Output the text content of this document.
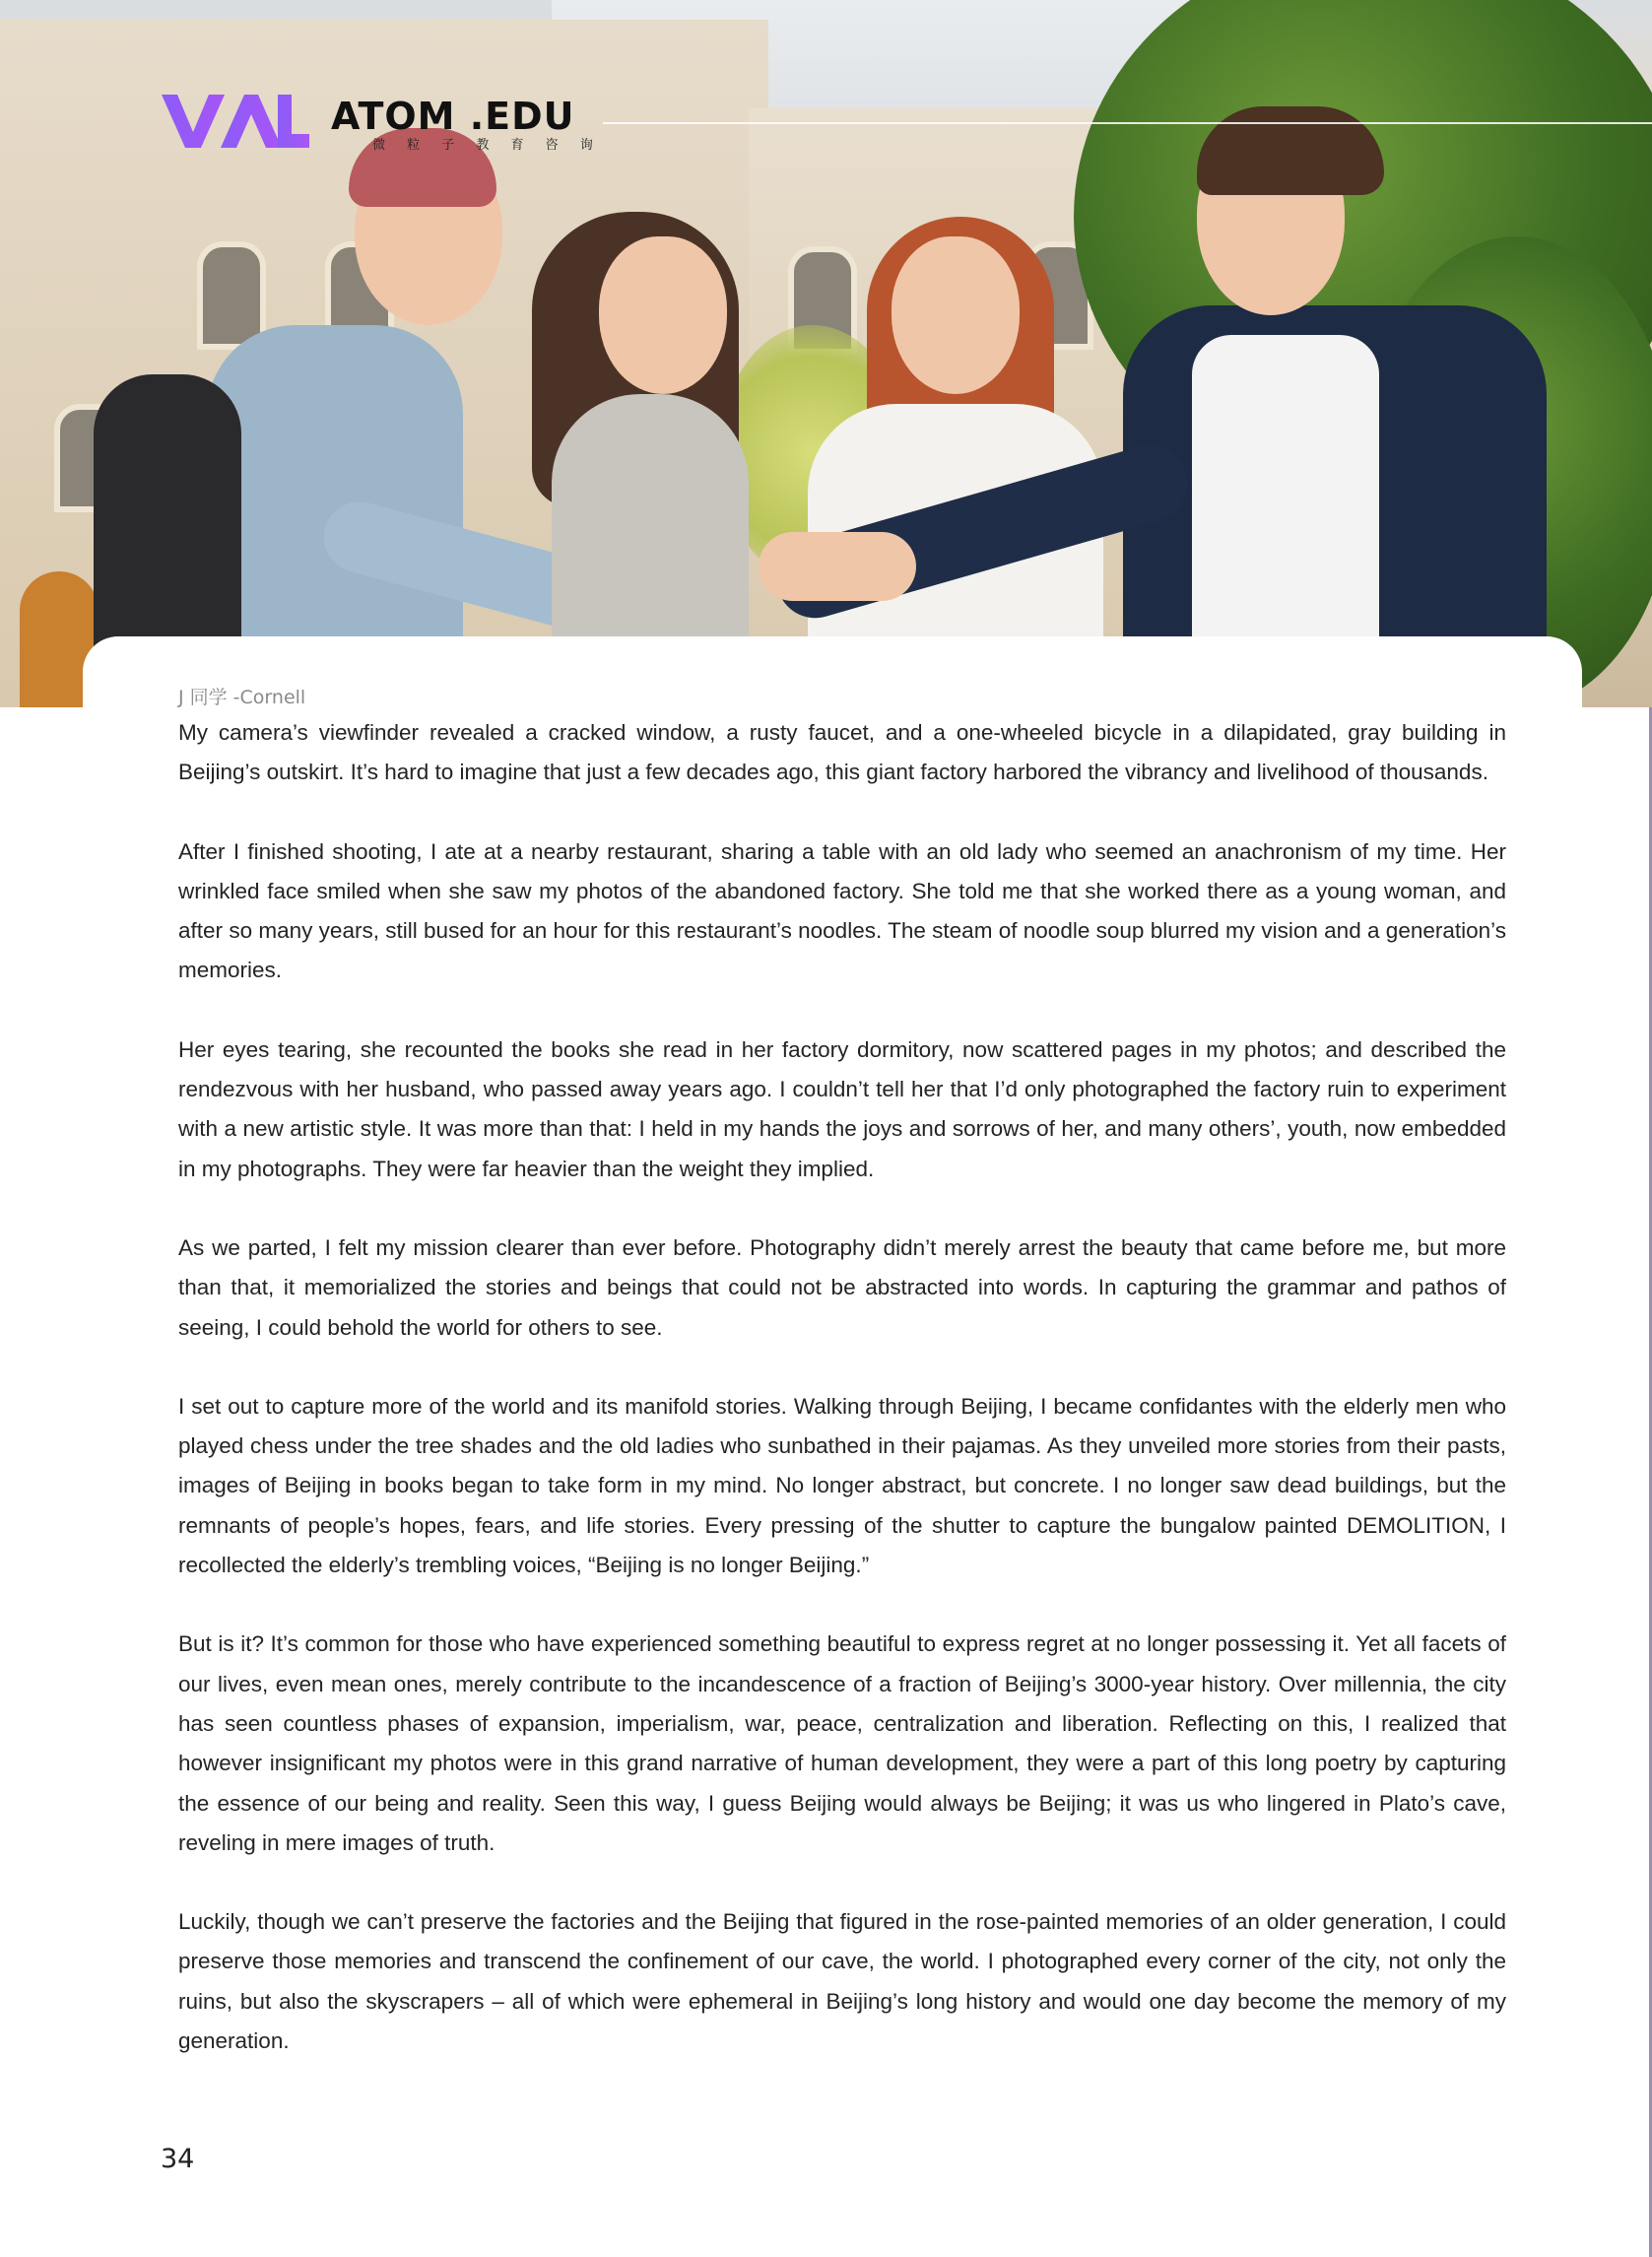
ATOM .EDU
微 粒 子 教 育 咨 询
J 同学 -Cornell

My camera’s viewfinder revealed a cracked window, a rusty faucet, and a one-wheeled bicycle in a dilapidated, gray building in Beijing’s outskirt. It’s hard to imagine that just a few decades ago, this giant factory harbored the vibrancy and livelihood of thousands.

After I finished shooting, I ate at a nearby restaurant, sharing a table with an old lady who seemed an anachronism of my time. Her wrinkled face smiled when she saw my photos of the abandoned factory. She told me that she worked there as a young woman, and after so many years, still bused for an hour for this restaurant’s noodles. The steam of noodle soup blurred my vision and a generation’s memories.

Her eyes tearing, she recounted the books she read in her factory dormitory, now scattered pages in my photos; and described the rendezvous with her husband, who passed away years ago. I couldn’t tell her that I’d only photographed the factory ruin to experiment with a new artistic style. It was more than that: I held in my hands the joys and sorrows of her, and many others’, youth, now embedded in my photographs. They were far heavier than the weight they implied.

As we parted, I felt my mission clearer than ever before. Photography didn’t merely arrest the beauty that came before me, but more than that, it memorialized the stories and beings that could not be abstracted into words. In capturing the grammar and pathos of seeing, I could behold the world for others to see.

I set out to capture more of the world and its manifold stories. Walking through Beijing, I became confidantes with the elderly men who played chess under the tree shades and the old ladies who sunbathed in their pajamas. As they unveiled more stories from their pasts, images of Beijing in books began to take form in my mind. No longer abstract, but concrete. I no longer saw dead buildings, but the remnants of people’s hopes, fears, and life stories. Every pressing of the shutter to capture the bungalow painted DEMOLITION, I recollected the elderly’s trembling voices, “Beijing is no longer Beijing.”

But is it? It’s common for those who have experienced something beautiful to express regret at no longer possessing it. Yet all facets of our lives, even mean ones, merely contribute to the incandescence of a fraction of Beijing’s 3000-year history. Over millennia, the city has seen countless phases of expansion, imperialism, war, peace, centralization and liberation. Reflecting on this, I realized that however insignificant my photos were in this grand narrative of human development, they were a part of this long poetry by capturing the essence of our being and reality. Seen this way, I guess Beijing would always be Beijing; it was us who lingered in Plato’s cave, reveling in mere images of truth.

Luckily, though we can’t preserve the factories and the Beijing that figured in the rose-painted memories of an older generation, I could preserve those memories and transcend the confinement of our cave, the world. I photographed every corner of the city, not only the ruins, but also the skyscrapers – all of which were ephemeral in Beijing’s long history and would one day become the memory of my generation.

34
